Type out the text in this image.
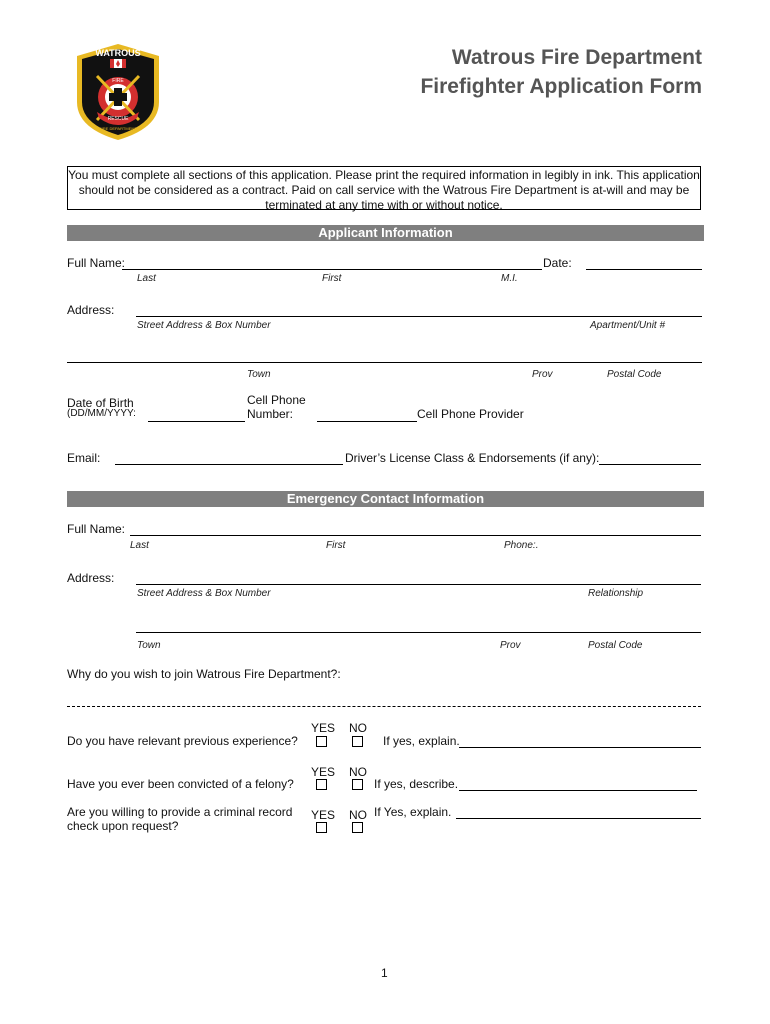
WATROUS
FIRE
RESCUE
FIRE DEPARTMENT
Watrous Fire Department
Firefighter Application Form
You must complete all sections of this application. Please print the required information in legibly in ink. This application should not be considered as a contract. Paid on call service with the Watrous Fire Department is at-will and may be terminated at any time with or without notice.
Applicant Information
Full Name:	Date:
Last	First	M.I.
Address:
Street Address & Box Number	Apartment/Unit #
Town	Prov	Postal Code
Date of Birth
(DD/MM/YYYY:
Cell Phone
Number:	Cell Phone Provider
Email:	Driver’s License Class & Endorsements (if any):
Emergency Contact Information
Full Name:
Last	First	Phone:.
Address:
Street Address & Box Number	Relationship
Town	Prov	Postal Code
Why do you wish to join Watrous Fire Department?:
YES NO
Do you have relevant previous experience?	If yes, explain.
YES NO
Have you ever been convicted of a felony?	If yes, describe.
Are you willing to provide a criminal record
check upon request?
YES NO If Yes, explain.
1
